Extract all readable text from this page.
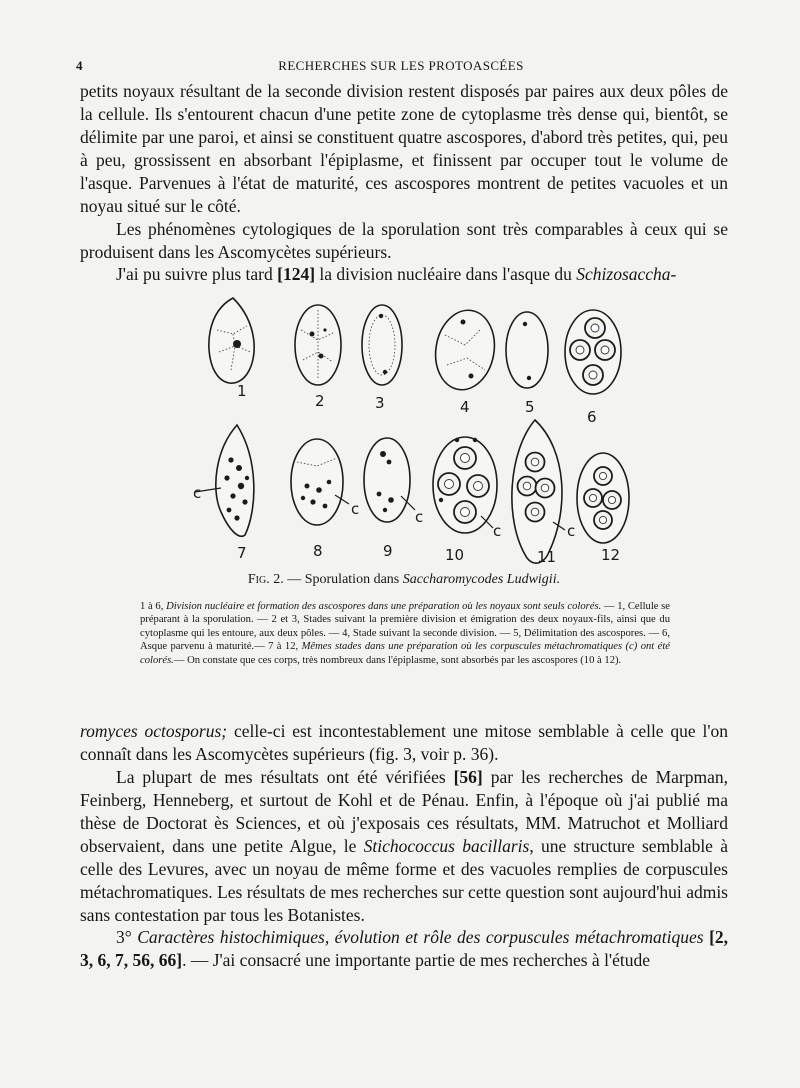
4	RECHERCHES SUR LES PROTOASCÉES

petits noyaux résultant de la seconde division restent disposés par paires aux deux pôles de la cellule. Ils s'entourent chacun d'une petite zone de cytoplasme très dense qui, bientôt, se délimite par une paroi, et ainsi se constituent quatre ascospores, d'abord très petites, qui, peu à peu, grossissent en absorbant l'épiplasme, et finissent par occuper tout le volume de l'asque. Parvenues à l'état de maturité, ces ascospores montrent de petites vacuoles et un noyau situé sur le côté.

Les phénomènes cytologiques de la sporulation sont très comparables à ceux qui se produisent dans les Ascomycètes supérieurs.

J'ai pu suivre plus tard [124] la division nucléaire dans l'asque du Schizosaccha-

1
2	3	4	5
6
c
c	c
c	c
7	8	9	10	11	12
Fig. 2. — Sporulation dans Saccharomycodes Ludwigii.

1 à 6, Division nucléaire et formation des ascospores dans une préparation où les noyaux sont seuls colorés. — 1, Cellule se préparant à la sporulation. — 2 et 3, Stades suivant la première division et émigration des deux noyaux-fils, ainsi que du cytoplasme qui les entoure, aux deux pôles. — 4, Stade suivant la seconde division. — 5, Délimitation des ascospores. — 6, Asque parvenu à maturité.— 7 à 12, Mêmes stades dans une préparation où les corpuscules métachromatiques (c) ont été colorés.— On constate que ces corps, très nombreux dans l'épiplasme, sont absorbés par les ascospores (10 à 12).

romyces octosporus; celle-ci est incontestablement une mitose semblable à celle que l'on connaît dans les Ascomycètes supérieurs (fig. 3, voir p. 36).

La plupart de mes résultats ont été vérifiées [56] par les recherches de Marpman, Feinberg, Henneberg, et surtout de Kohl et de Pénau. Enfin, à l'époque où j'ai publié ma thèse de Doctorat ès Sciences, et où j'exposais ces résultats, MM. Matruchot et Molliard observaient, dans une petite Algue, le Stichococcus bacillaris, une structure semblable à celle des Levures, avec un noyau de même forme et des vacuoles remplies de corpuscules métachromatiques. Les résultats de mes recherches sur cette question sont aujourd'hui admis sans contestation par tous les Botanistes.

3° Caractères histochimiques, évolution et rôle des corpuscules métachromatiques [2, 3, 6, 7, 56, 66]. — J'ai consacré une importante partie de mes recherches à l'étude
